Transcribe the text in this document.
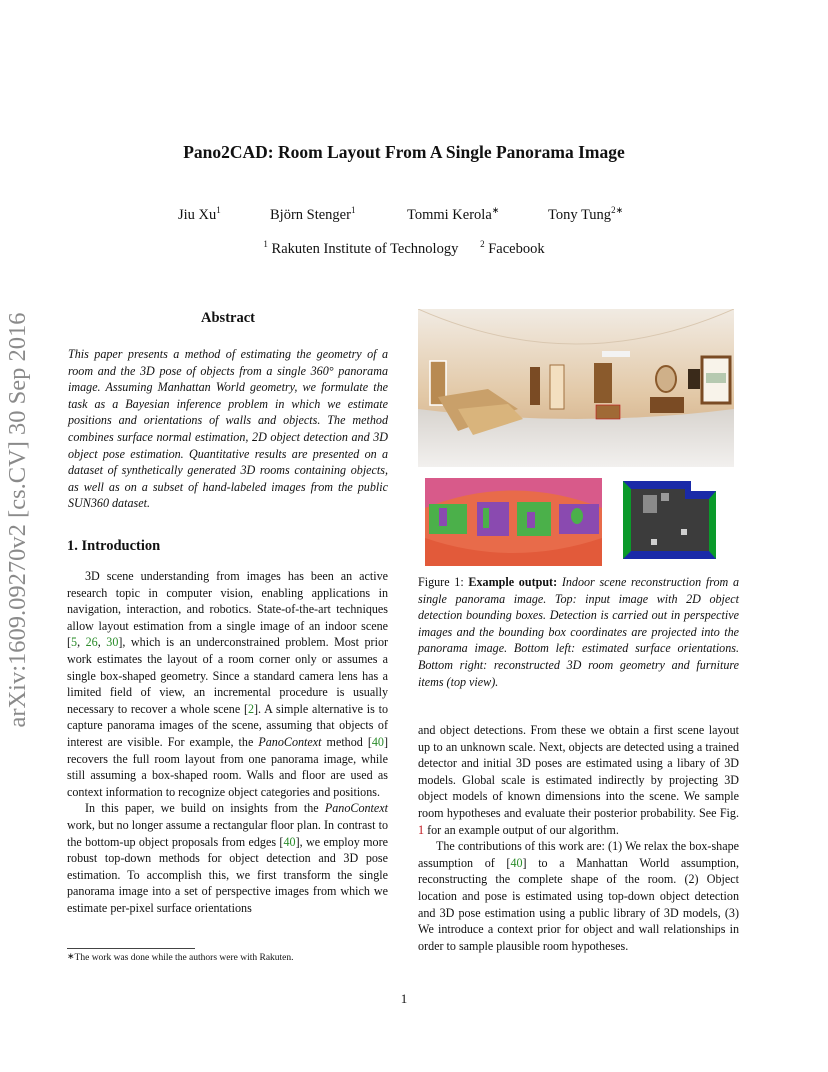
arXiv:1609.09270v2 [cs.CV] 30 Sep 2016
Pano2CAD: Room Layout From A Single Panorama Image
Jiu Xu$^1$	Björn Stenger$^1$	Tommi Kerola∗	Tony Tung$^{2∗}$
$^1$ Rakuten Institute of Technology $^2$ Facebook
Abstract
This paper presents a method of estimating the geometry of a room and the 3D pose of objects from a single 360° panorama image. Assuming Manhattan World geometry, we formulate the task as a Bayesian inference problem in which we estimate positions and orientations of walls and objects. The method combines surface normal estimation, 2D object detection and 3D object pose estimation. Quantitative results are presented on a dataset of synthetically generated 3D rooms containing objects, as well as on a subset of hand-labeled images from the public SUN360 dataset.
1. Introduction

3D scene understanding from images has been an active research topic in computer vision, enabling applications in navigation, interaction, and robotics. State-of-the-art techniques allow layout estimation from a single image of an indoor scene [5, 26, 30], which is an underconstrained problem. Most prior work estimates the layout of a room corner only or assumes a single box-shaped geometry. Since a standard camera lens has a limited field of view, an incremental procedure is usually necessary to recover a whole scene [2]. A simple alternative is to capture panorama images of the scene, assuming that objects of interest are visible. For example, the PanoContext method [40] recovers the full room layout from one panorama image, while still assuming a box-shaped room. Walls and floor are used as context information to recognize object categories and positions.

In this paper, we build on insights from the PanoContext work, but no longer assume a rectangular floor plan. In contrast to the bottom-up object proposals from edges [40], we employ more robust top-down methods for object detection and 3D pose estimation. To accomplish this, we first transform the single panorama image into a set of perspective images from which we estimate per-pixel surface orientations

Figure 1: Example output: Indoor scene reconstruction from a single panorama image. Top: input image with 2D object detection bounding boxes. Detection is carried out in perspective images and the bounding box coordinates are projected into the panorama image. Bottom left: estimated surface orientations. Bottom right: reconstructed 3D room geometry and furniture items (top view).

and object detections. From these we obtain a first scene layout up to an unknown scale. Next, objects are detected using a trained detector and initial 3D poses are estimated using a libary of 3D models. Global scale is estimated indirectly by projecting 3D object models of known dimensions into the scene. We sample room hypotheses and evaluate their posterior probability. See Fig. 1 for an example output of our algorithm.

The contributions of this work are: (1) We relax the box-shape assumption of [40] to a Manhattan World assumption, reconstructing the complete shape of the room. (2) Object location and pose is estimated using top-down object detection and 3D pose estimation using a public library of 3D models, (3) We introduce a context prior for object and wall relationships in order to sample plausible room hypotheses.

∗The work was done while the authors were with Rakuten.
1
